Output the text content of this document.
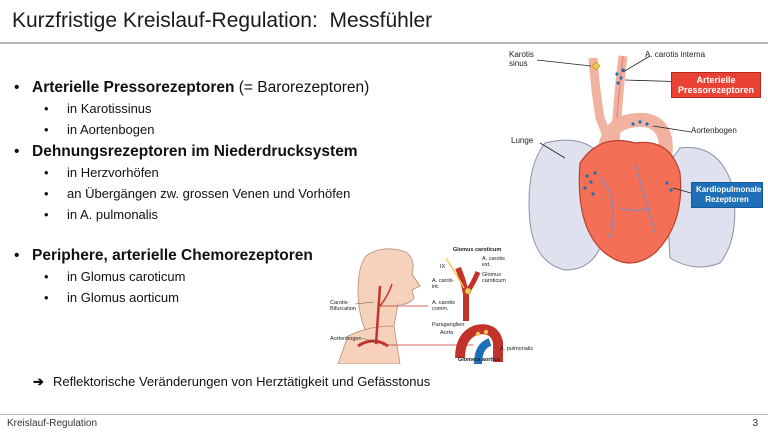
Kurzfristige Kreislauf-Regulation:  Messfühler
• Arterielle Pressorezeptoren (= Barorezeptoren)
• in Karotissinus
• in Aortenbogen
• Dehnungsrezeptoren im Niederdrucksystem
• in Herzvorhöfen
• an Übergängen zw. grossen Venen und Vorhöfen
• in A. pulmonalis
• Periphere, arterielle Chemorezeptoren
• in Glomus caroticum
• in Glomus aorticum
Karotis
sinus
A. carotis interna
Lunge
Aortenbogen
Arterielle
Pressorezeptoren
Kardiopulmonale
Rezeptoren
Glomus caroticum
IX
A. carotis
ext.
Glomus
caroticum
A. caroti-
int.
A. carotis
comm.
Carotis-
Bifurcation
Aortenbogen
Paraganglien
Aorta
A. pulmonalis
Glomera aortica
➔ Reflektorische Veränderungen von Herztätigkeit und Gefässtonus
Kreislauf-Regulation	3
